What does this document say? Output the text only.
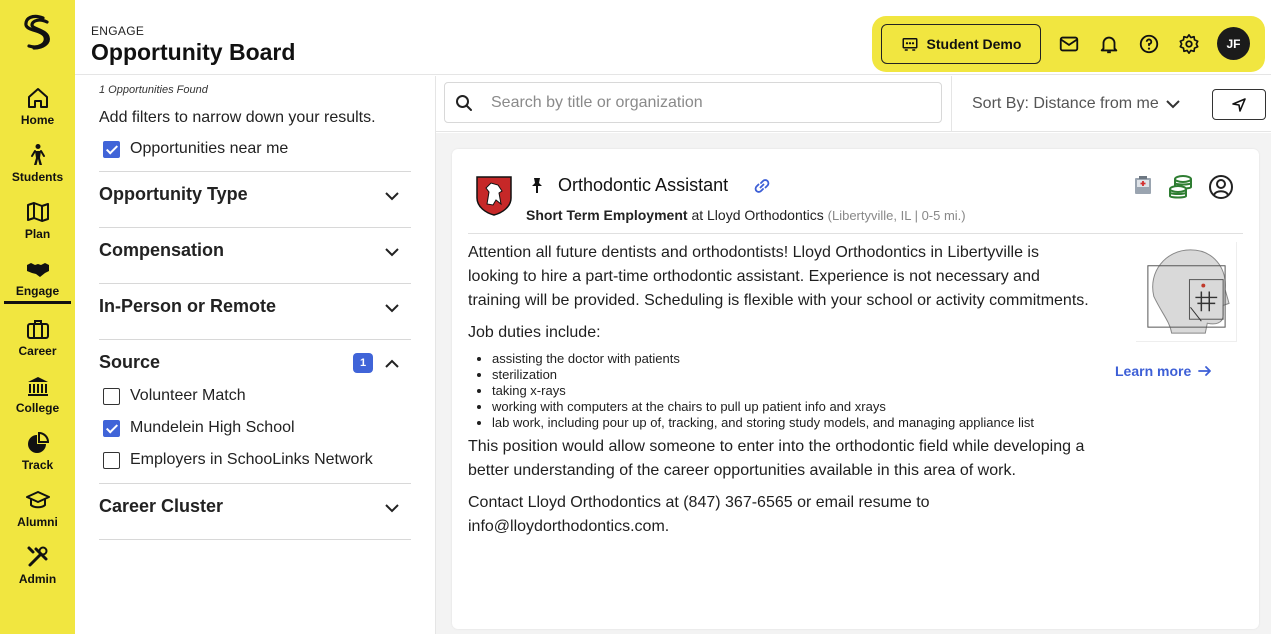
Home
Students
Plan
Engage
Career
College
Track
Alumni
Admin
ENGAGE
Opportunity Board	Student Demo	JF
1 Opportunities Found
Add filters to narrow down your results.
Opportunities near me
Opportunity Type
Compensation
In-Person or Remote
Source	1
Volunteer Match
Mundelein High School
Employers in SchooLinks Network
Career Cluster
Search by title or organization
Sort By: Distance from me
Orthodontic Assistant
Short Term Employment at Lloyd Orthodontics (Libertyville, IL | 0-5 mi.)

Attention all future dentists and orthodontists! Lloyd Orthodontics in Libertyville is looking to hire a part-time orthodontic assistant. Experience is not necessary and training will be provided. Scheduling is flexible with your school or activity commitments.

Job duties include:
• assisting the doctor with patients
• sterilization
• taking x-rays
• working with computers at the chairs to pull up patient info and xrays
• lab work, including pour up of, tracking, and storing study models, and managing appliance list

This position would allow someone to enter into the orthodontic field while developing a better understanding of the career opportunities available in this area of work.

Contact Lloyd Orthodontics at (847) 367-6565 or email resume to info@lloydorthodontics.com.

Learn more
